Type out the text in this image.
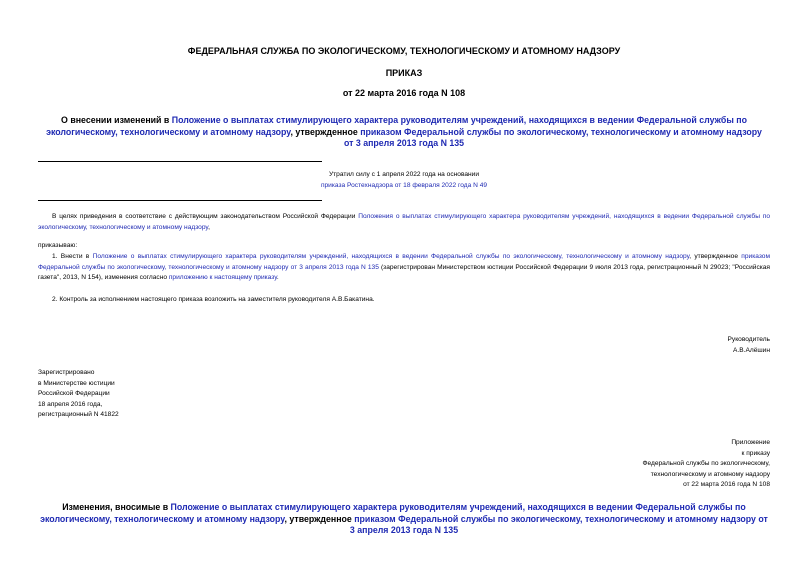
ФЕДЕРАЛЬНАЯ СЛУЖБА ПО ЭКОЛОГИЧЕСКОМУ, ТЕХНОЛОГИЧЕСКОМУ И АТОМНОМУ НАДЗОРУ
ПРИКАЗ
от 22 марта 2016 года N 108
О внесении изменений в Положение о выплатах стимулирующего характера руководителям учреждений, находящихся в ведении Федеральной службы по экологическому, технологическому и атомному надзору, утвержденное приказом Федеральной службы по экологическому, технологическому и атомному надзору от 3 апреля 2013 года N 135
Утратил силу с 1 апреля 2022 года на основании
приказа Ростехнадзора от 18 февраля 2022 года N 49
В целях приведения в соответствие с действующим законодательством Российской Федерации Положения о выплатах стимулирующего характера руководителям учреждений, находящихся в ведении Федеральной службы по экологическому, технологическому и атомному надзору,
приказываю:
1. Внести в Положение о выплатах стимулирующего характера руководителям учреждений, находящихся в ведении Федеральной службы по экологическому, технологическому и атомному надзору, утвержденное приказом Федеральной службы по экологическому, технологическому и атомному надзору от 3 апреля 2013 года N 135 (зарегистрирован Министерством юстиции Российской Федерации 9 июля 2013 года, регистрационный N 29023; "Российская газета", 2013, N 154), изменения согласно приложению к настоящему приказу.
2. Контроль за исполнением настоящего приказа возложить на заместителя руководителя А.В.Бакатина.
Руководитель
А.В.Алёшин
Зарегистрировано
в Министерстве юстиции
Российской Федерации
18 апреля 2016 года,
регистрационный N 41822
Приложение
к приказу
Федеральной службы по экологическому,
технологическому и атомному надзору
от 22 марта 2016 года N 108
Изменения, вносимые в Положение о выплатах стимулирующего характера руководителям учреждений, находящихся в ведении Федеральной службы по экологическому, технологическому и атомному надзору, утвержденное приказом Федеральной службы по экологическому, технологическому и атомному надзору от 3 апреля 2013 года N 135
